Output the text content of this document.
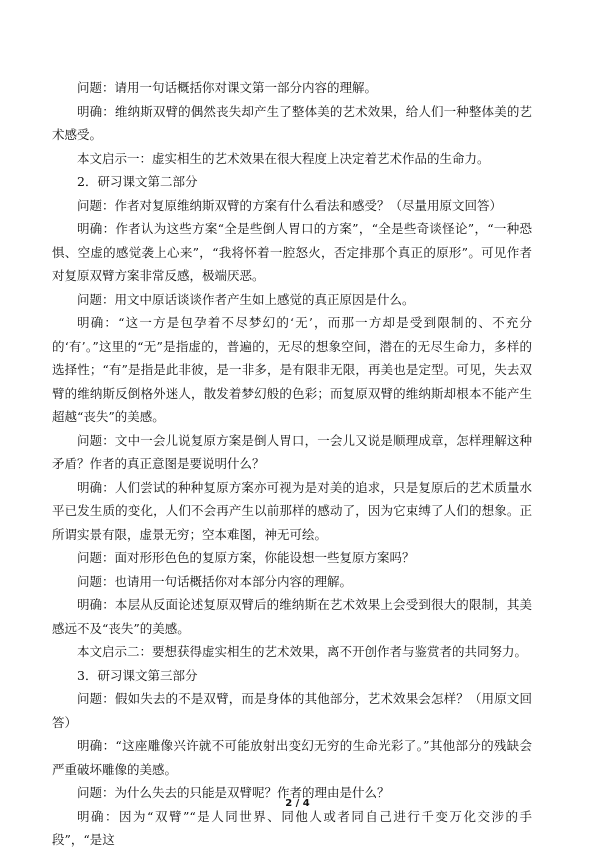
问题：请用一句话概括你对课文第一部分内容的理解。

明确：维纳斯双臂的偶然丧失却产生了整体美的艺术效果，给人们一种整体美的艺术感受。

本文启示一：虚实相生的艺术效果在很大程度上决定着艺术作品的生命力。

2．研习课文第二部分

问题：作者对复原维纳斯双臂的方案有什么看法和感受？（尽量用原文回答）

明确：作者认为这些方案“全是些倒人胃口的方案”，“全是些奇谈怪论”，“一种恐惧、空虚的感觉袭上心来”，“我将怀着一腔怒火，否定排那个真正的原形”。可见作者对复原双臂方案非常反感，极端厌恶。

问题：用文中原话谈谈作者产生如上感觉的真正原因是什么。

明确：“这一方是包孕着不尽梦幻的‘无’，而那一方却是受到限制的、不充分的‘有’。”这里的“无”是指虚的，普遍的，无尽的想象空间，潜在的无尽生命力，多样的选择性；“有”是指是此非彼，是一非多，是有限非无限，再美也是定型。可见，失去双臂的维纳斯反倒格外迷人，散发着梦幻般的色彩；而复原双臂的维纳斯却根本不能产生超越“丧失”的美感。

问题：文中一会儿说复原方案是倒人胃口，一会儿又说是顺理成章，怎样理解这种矛盾？作者的真正意图是要说明什么？

明确：人们尝试的种种复原方案亦可视为是对美的追求，只是复原后的艺术质量水平已发生质的变化，人们不会再产生以前那样的感动了，因为它束缚了人们的想象。正所谓实景有限，虚景无穷；空本难图，神无可绘。

问题：面对形形色色的复原方案，你能设想一些复原方案吗？

问题：也请用一句话概括你对本部分内容的理解。

明确：本层从反面论述复原双臂后的维纳斯在艺术效果上会受到很大的限制，其美感远不及“丧失”的美感。

本文启示二：要想获得虚实相生的艺术效果，离不开创作者与鉴赏者的共同努力。

3．研习课文第三部分

问题：假如失去的不是双臂，而是身体的其他部分，艺术效果会怎样？（用原文回答）

明确：“这座雕像兴许就不可能放射出变幻无穷的生命光彩了。”其他部分的残缺会严重破坏雕像的美感。

问题：为什么失去的只能是双臂呢？作者的理由是什么？

明确：因为“双臂”“是人同世界、同他人或者同自己进行千变万化交涉的手段”，“是这

2 / 4
